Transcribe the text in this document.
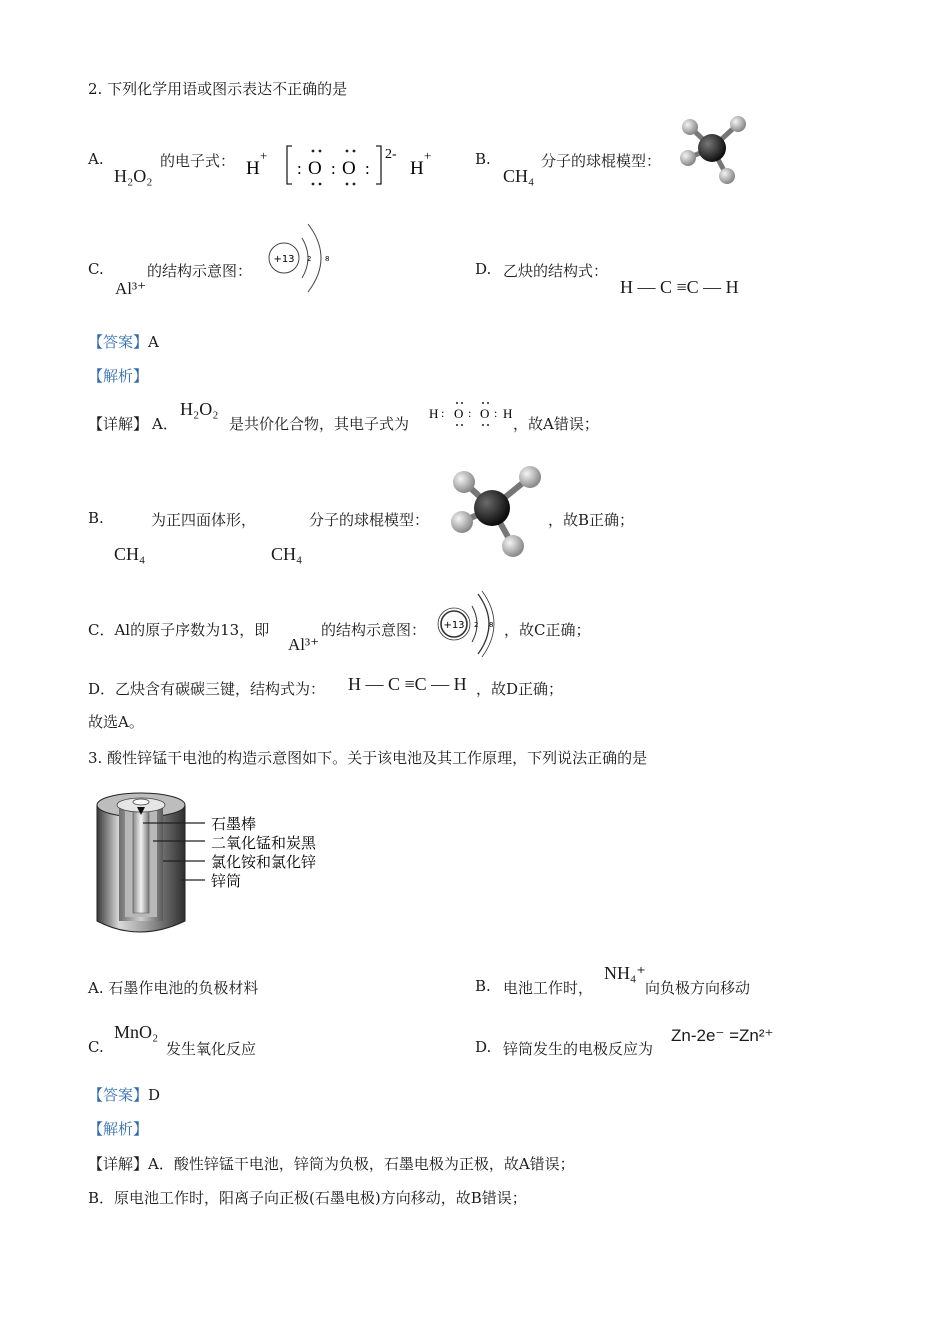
2. 下列化学用语或图示表达不正确的是
A.
H₂O₂
的电子式： H
+
: O : O :
2-
H
+	B.
CH₄
分子的球棍模型：
C.
Al³⁺
的结构示意图：
+13 2 8
D. 乙炔的结构式：
H — C ≡C — H
【答案】A
【解析】
【详解】 A．
H₂O₂
是共价化合物，其电子式为
H : O : O : H
，故A错误；
B.
CH₄
为正四面体形，
CH₄
分子的球棍模型：	，故B正确；
C．Al的原子序数为13，即
Al³⁺
的结构示意图： +13 2 8 ，故C正确；
D．乙炔含有碳碳三键，结构式为： H — C ≡C — H ，故D正确；
故选A。
3. 酸性锌锰干电池的构造示意图如下。关于该电池及其工作原理，下列说法正确的是
石墨棒
二氧化锰和炭黑
氯化铵和氯化锌
锌筒
A. 石墨作电池的负极材料	B. 电池工作时，
NH₄⁺
向负极方向移动
C.
MnO₂
发生氧化反应	D. 锌筒发生的电极反应为
Zn-2e⁻ =Zn²⁺
【答案】D
【解析】
【详解】A．酸性锌锰干电池，锌筒为负极，石墨电极为正极，故A错误；
B．原电池工作时，阳离子向正极(石墨电极)方向移动，故B错误；
